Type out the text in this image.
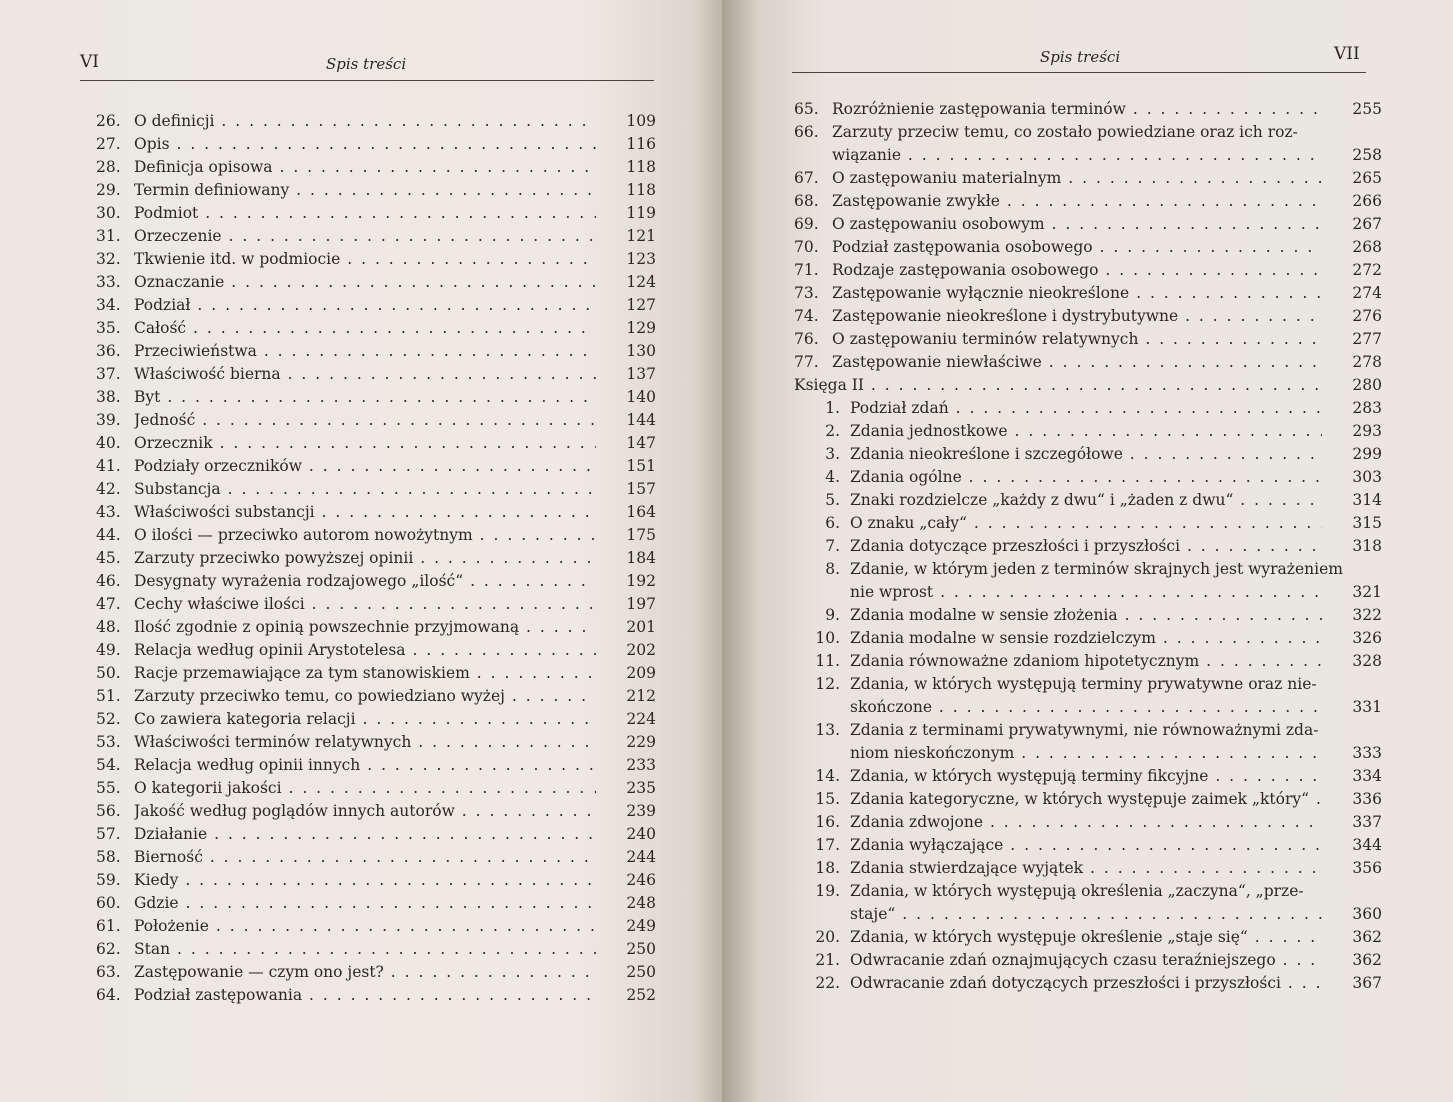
VI	Spis treści
26. O definicji . . .	109
27. Opis . . .	116
28. Definicja opisowa . . .	118
29. Termin definiowany . . .	118
30. Podmiot . . .	119
31. Orzeczenie . . .	121
32. Tkwienie itd. w podmiocie . . .	123
33. Oznaczanie . . .	124
34. Podział . . .	127
35. Całość . . .	129
36. Przeciwieństwa . . .	130
37. Właściwość bierna . . .	137
38. Byt . . .	140
39. Jedność . . .	144
40. Orzecznik . . .	147
41. Podziały orzeczników . . .	151
42. Substancja . . .	157
43. Właściwości substancji . . .	164
44. O ilości — przeciwko autorom nowożytnym . . .	175
45. Zarzuty przeciwko powyższej opinii . . .	184
46. Desygnaty wyrażenia rodzajowego „ilość“ . . .	192
47. Cechy właściwe ilości . . .	197
48. Ilość zgodnie z opinią powszechnie przyjmowaną . . .	201
49. Relacja według opinii Arystotelesa . . .	202
50. Racje przemawiające za tym stanowiskiem . . .	209
51. Zarzuty przeciwko temu, co powiedziano wyżej . . .	212
52. Co zawiera kategoria relacji . . .	224
53. Właściwości terminów relatywnych . . .	229
54. Relacja według opinii innych . . .	233
55. O kategorii jakości . . .	235
56. Jakość według poglądów innych autorów . . .	239
57. Działanie . . .	240
58. Bierność . . .	244
59. Kiedy . . .	246
60. Gdzie . . .	248
61. Położenie . . .	249
62. Stan . . .	250
63. Zastępowanie — czym ono jest? . . .	250
64. Podział zastępowania . . .	252
Spis treści	VII
65. Rozróżnienie zastępowania terminów . . .	255
66. Zarzuty przeciw temu, co zostało powiedziane oraz ich roz-
wiązanie . . .	258
67. O zastępowaniu materialnym . . .	265
68. Zastępowanie zwykłe . . .	266
69. O zastępowaniu osobowym . . .	267
70. Podział zastępowania osobowego . . .	268
71. Rodzaje zastępowania osobowego . . .	272
73. Zastępowanie wyłącznie nieokreślone . . .	274
74. Zastępowanie nieokreślone i dystrybutywne . . .	276
76. O zastępowaniu terminów relatywnych . . .	277
77. Zastępowanie niewłaściwe . . .	278
Księga II . . .	280
1. Podział zdań . . .	283
2. Zdania jednostkowe . . .	293
3. Zdania nieokreślone i szczegółowe . . .	299
4. Zdania ogólne . . .	303
5. Znaki rozdzielcze „każdy z dwu“ i „żaden z dwu“ . . .	314
6. O znaku „cały“ . . .	315
7. Zdania dotyczące przeszłości i przyszłości . . .	318
8. Zdanie, w którym jeden z terminów skrajnych jest wyrażeniem
nie wprost . . .	321
9. Zdania modalne w sensie złożenia . . .	322
10. Zdania modalne w sensie rozdzielczym . . .	326
11. Zdania równoważne zdaniom hipotetycznym . . .	328
12. Zdania, w których występują terminy prywatywne oraz nie-
skończone . . .	331
13. Zdania z terminami prywatywnymi, nie równoważnymi zda-
niom nieskończonym . . .	333
14. Zdania, w których występują terminy fikcyjne . . .	334
15. Zdania kategoryczne, w których występuje zaimek „który“ . . .	336
16. Zdania zdwojone . . .	337
17. Zdania wyłączające . . .	344
18. Zdania stwierdzające wyjątek . . .	356
19. Zdania, w których występują określenia „zaczyna“, „prze-
staje“ . . .	360
20. Zdania, w których występuje określenie „staje się“ . . .	362
21. Odwracanie zdań oznajmujących czasu teraźniejszego . . .	362
22. Odwracanie zdań dotyczących przeszłości i przyszłości . . .	367
